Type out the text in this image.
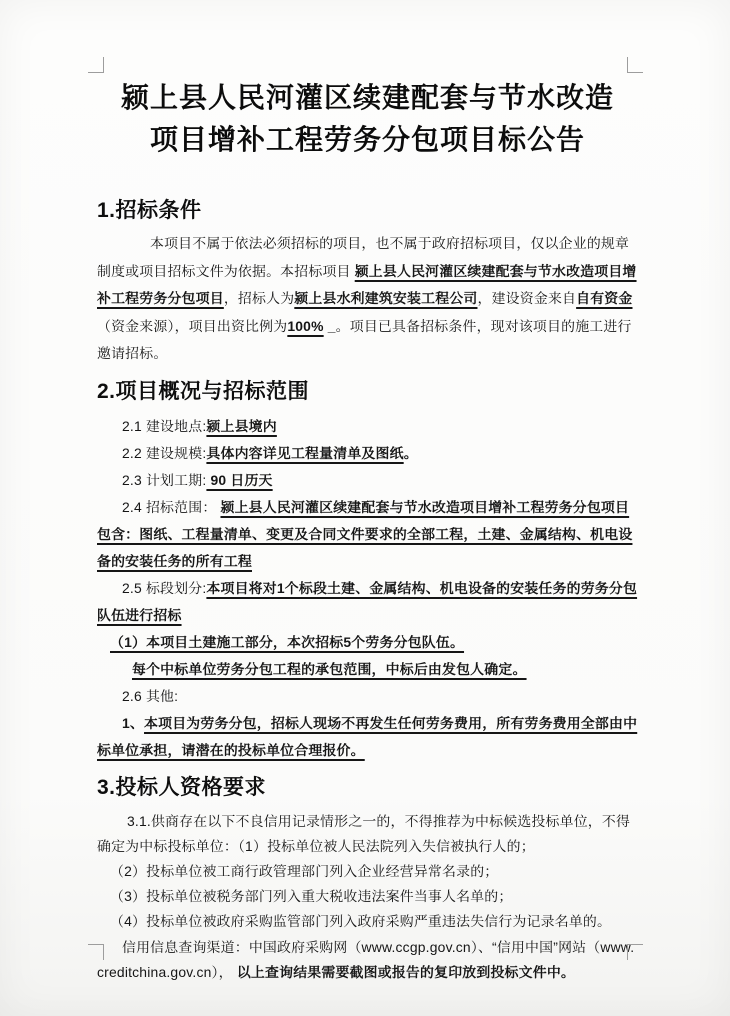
颍上县人民河灌区续建配套与节水改造
项目增补工程劳务分包项目标公告
1.招标条件

本项目不属于依法必须招标的项目，也不属于政府招标项目，仅以企业的规章制度或项目招标文件为依据。本招标项目 颍上县人民河灌区续建配套与节水改造项目增补工程劳务分包项目，招标人为颍上县水利建筑安装工程公司，建设资金来自自有资金（资金来源），项目出资比例为100% _。项目已具备招标条件，现对该项目的施工进行邀请招标。

2.项目概况与招标范围

2.1 建设地点:颍上县境内

2.2 建设规模:具体内容详见工程量清单及图纸。

2.3 计划工期: 90 日历天

2.4 招标范围： 颍上县人民河灌区续建配套与节水改造项目增补工程劳务分包项目包含：图纸、工程量清单、变更及合同文件要求的全部工程，土建、金属结构、机电设备的安装任务的所有工程

2.5 标段划分:本项目将对1个标段土建、金属结构、机电设备的安装任务的劳务分包队伍进行招标

（1）本项目土建施工部分，本次招标5个劳务分包队伍。

每个中标单位劳务分包工程的承包范围，中标后由发包人确定。

2.6 其他:

1、本项目为劳务分包，招标人现场不再发生任何劳务费用，所有劳务费用全部由中标单位承担，请潜在的投标单位合理报价。

3.投标人资格要求

3.1.供商存在以下不良信用记录情形之一的，不得推荐为中标候选投标单位，不得确定为中标投标单位：（1）投标单位被人民法院列入失信被执行人的；

（2）投标单位被工商行政管理部门列入企业经营异常名录的；

（3）投标单位被税务部门列入重大税收违法案件当事人名单的；

（4）投标单位被政府采购监管部门列入政府采购严重违法失信行为记录名单的。

信用信息查询渠道：中国政府采购网（www.ccgp.gov.cn）、“信用中国”网站（www.creditchina.gov.cn）， 以上查询结果需要截图或报告的复印放到投标文件中。
